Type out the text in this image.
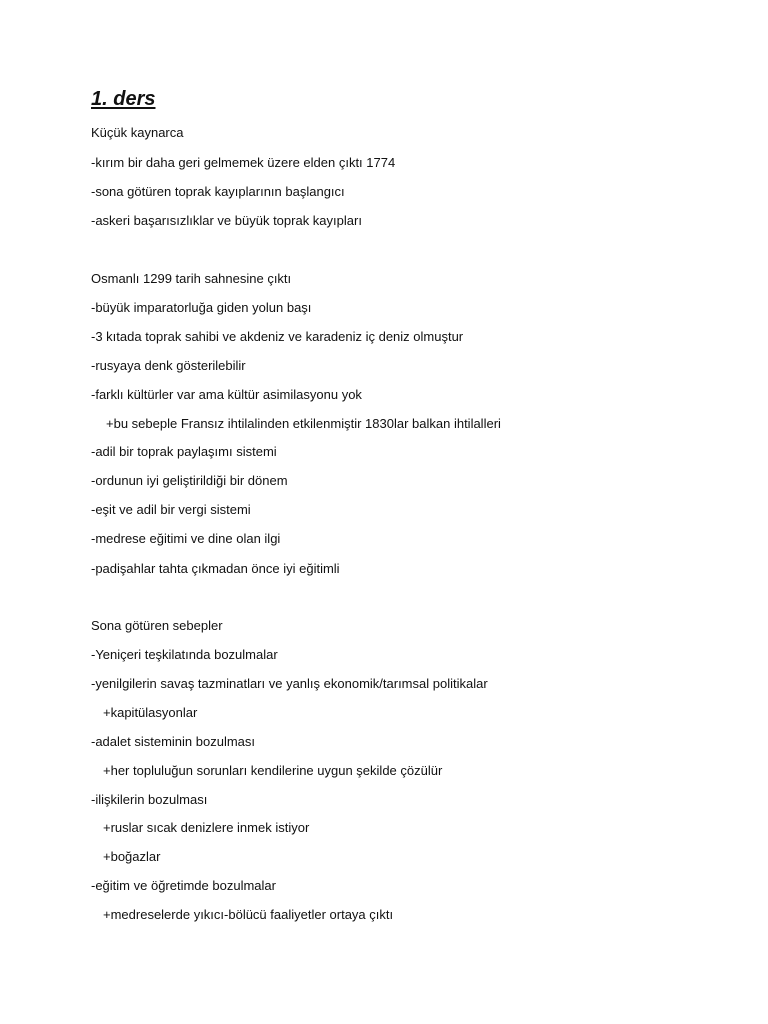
1. ders
Küçük kaynarca
-kırım bir daha geri gelmemek üzere elden çıktı 1774
-sona götüren toprak kayıplarının başlangıcı
-askeri başarısızlıklar ve büyük toprak kayıpları
Osmanlı 1299 tarih sahnesine çıktı
-büyük imparatorluğa giden yolun başı
-3 kıtada toprak sahibi ve akdeniz ve karadeniz iç deniz olmuştur
-rusyaya denk gösterilebilir
-farklı kültürler var ama kültür asimilasyonu yok
+bu sebeple Fransız ihtilalinden etkilenmiştir 1830lar balkan ihtilalleri
-adil bir toprak paylaşımı sistemi
-ordunun iyi geliştirildiği bir dönem
-eşit ve adil bir vergi sistemi
-medrese eğitimi ve dine olan ilgi
-padişahlar tahta çıkmadan önce iyi eğitimli
Sona götüren sebepler
-Yeniçeri teşkilatında bozulmalar
-yenilgilerin savaş tazminatları ve yanlış ekonomik/tarımsal politikalar
+kapitülasyonlar
-adalet sisteminin bozulması
+her topluluğun sorunları kendilerine uygun şekilde çözülür
-ilişkilerin bozulması
+ruslar sıcak denizlere inmek istiyor
+boğazlar
-eğitim ve öğretimde bozulmalar
+medreselerde yıkıcı-bölücü faaliyetler ortaya çıktı
